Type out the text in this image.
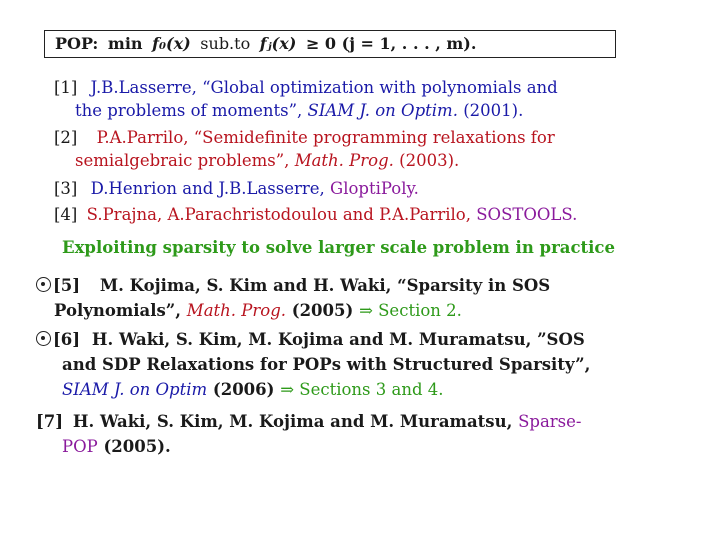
POP: min f₀(x) sub.to fⱼ(x) ≥ 0 (j = 1, . . . , m).
[1] J.B.Lasserre, “Global optimization with polynomials and
the problems of moments”, SIAM J. on Optim. (2001).
[2] P.A.Parrilo, “Semidefinite programming relaxations for
semialgebraic problems”, Math. Prog. (2003).
[3] D.Henrion and J.B.Lasserre, GloptiPoly.
[4] S.Prajna, A.Parachristodoulou and P.A.Parrilo, SOSTOOLS.
Exploiting sparsity to solve larger scale problem in practice
[5] M. Kojima, S. Kim and H. Waki, “Sparsity in SOS
Polynomials”, Math. Prog. (2005) ⇒ Section 2.
[6] H. Waki, S. Kim, M. Kojima and M. Muramatsu, ”SOS
and SDP Relaxations for POPs with Structured Sparsity”,
SIAM J. on Optim (2006) ⇒ Sections 3 and 4.
[7] H. Waki, S. Kim, M. Kojima and M. Muramatsu, Sparse-
POP (2005).
